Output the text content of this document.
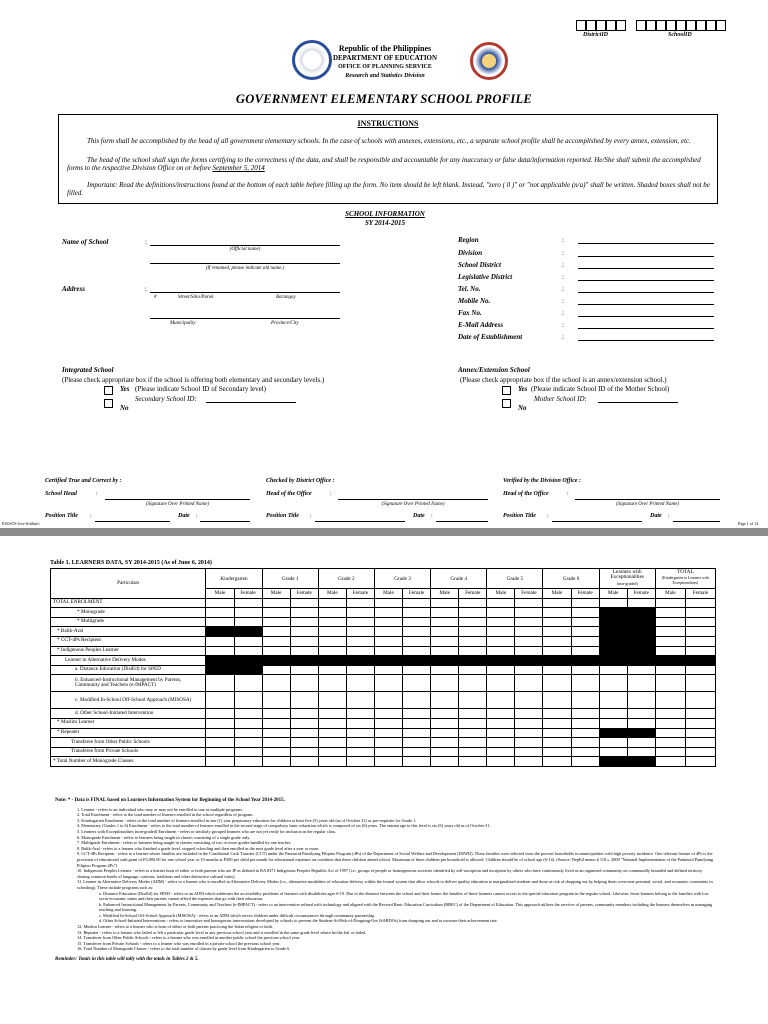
DistrictID	SchoolID
Republic of the Philippines
DEPARTMENT OF EDUCATION
OFFICE OF PLANNING SERVICE
Research and Statistics Division
GOVERNMENT ELEMENTARY SCHOOL PROFILE
INSTRUCTIONS
This form shall be accomplished by the head of all government elementary schools. In the case of schools with annexes, extensions, etc., a separate school profile shall be accomplished by every annex, extension, etc.
The head of the school shall sign the forms certifying to the correctness of the data, and shall be responsible and accountable for any inaccuracy or false data/information reported. He/She shall submit the accomplished forms to the respective Division Office on or before September 5, 2014
Important: Read the definitions/instructions found at the bottom of each table before filling up the form. No item should be left blank. Instead, "zero ( 0 )" or "not applicable (n/a)" shall be written. Shaded boxes shall not be filled.
SCHOOL INFORMATION
SY 2014-2015
Name of School	:
(Official name)
(If renamed, please indicate old name.)
Address	:
#	Street/Sitio/Purok	Barangay
Municipality	Province/City
Region	:
Division	:
School District	:
Legislative District	:
Tel. No.	:
Mobile No.	:
Fax No.	:
E-Mail Address	:
Date of Establishment	:
Integrated School
(Please check appropriate box if the school is offering both elementary and secondary levels.)
Yes (Please indicate School ID of Secondary level)
Secondary School ID:
No
Annex/Extension School
(Please check appropriate box if the school is an annex/extension school.)
Yes (Please indicate School ID of the Mother School)
Mother School ID:
No
Certified True and Correct by :
School Head	:
(Signature Over Printed Name)
Position Title :	Date :
Checked by District Office :
Head of the Office	:
(Signature Over Printed Name)
Position Title :	Date :
Verified by the Division Office :
Head of the Office	:
(Signature Over Printed Name)
Position Title :	Date :
ESGSTS-Gov-Schlinfo	Page 1 of 14
Table 1. LEARNERS DATA, SY 2014-2015 (As of June 6, 2014)
Particulars	Kindergarten		Grade 1		Grade 2		Grade 3		Grade 4		Grade 5		Grade 6		Learners with Exceptionalities
(non-graded)		TOTAL
(Kindergarten to Learners with Exceptionalities)	
	Male	Female	Male	Female	Male	Female	Male	Female	Male	Female	Male	Female	Male	Female	Male	Female	Male	Female
TOTAL ENROLMENT																		
* Monograde																		
* Multigrade																		
* Balik-Aral																		
* CCT-4Ps Recipient																		
* Indigenous Peoples Learner																		
Learner in Alternative Delivery Modes																		
a. Distance Education (DistEd) for SPED																		
b. Enhanced-Instructional Management by Parents, Community and Teachers (e-IMPACT)																		
c. Modified In-School Off-School Approach (MISOSA)																		
d. Other School-Initiated Intervention																		
* Muslim Learner																		
* Repeater																		
Transferee from Other Public Schools																		
Transferee from Private Schools																		
* Total Number of Monograde Classes																		
Note: * - Data is FINAL based on Learners Information System for Beginning of the School Year 2014-2015.
1. Learner - refers to an individual who may or may not be enrolled in one or multiple programs.
2. Total Enrolment - refers to the total number of learners enrolled in the school regardless of program.
3. Kindergarten Enrolment - refers to the total number of learners enrolled in one (1) year preparatory education for children at least five (5) years old (as of October 31) as pre-requisite for Grade 1.
4. Elementary (Grades 1 to 6) Enrolment - refers to the total number of learners enrolled in the second stage of compulsory basic education which is composed of six (6) years. The entrant age to this level is six (6) years old as of October 31.
5. Learners with Exceptionalities (non-graded) Enrolment - refers to similarly grouped learners who are not yet ready for inclusion in the regular class.
6. Monograde Enrolment - refers to learners being taught in classes consisting of a single grade only.
7. Multigrade Enrolment - refers to learners being taught in classes consisting of two or more grades handled by one teacher.
8. Balik-Aral - refers to a learner who finished a grade level, stopped schooling and then enrolled in the next grade level after a year or more.
9. CCT-4Ps Recipient - refers to a learner whose families are included in the Conditional Cash Transfer (CCT) under the Pantawid Pamilyang Pilipino Program (4Ps) of the Department of Social Welfare and Development (DSWD). These families were selected from the poorest households in municipalities with high poverty incidence. One relevant feature of 4Ps is the provision of educational cash grant of P3,000.00 for one school year or 10 months at P300 per child per month for educational expenses on condition that these children attend school. Maximum of three children per household is allowed. Children should be of school age (6-14). (Source: DepEd memo # 110 s. 2009 "National Implementation of the Pantawid Pamilyang Pilipino Program 4Ps")
10. Indigenous Peoples Learner - refers to a learner born of either or both parents who are IP as defined in RA 8371 Indigenous Peoples Republic Act of 1997 (i.e., groups of people or homogeneous societies identified by self-ascription and ascription by others who have continuously lived as an organized community on communally bounded and defined territory sharing common bonds of language, customs, traditions and other distinctive cultural traits).
11. Learner in Alternative Delivery Modes (ADM) - refers to a learner who is enrolled in Alternative Delivery Modes (i.e., alternative modalities of education delivery within the formal system that allow schools to deliver quality education to marginalized students and those at risk of dropping out by helping them overcome personal, social, and economic constraints in schooling). These include programs such as:
a. Distance Education (DistEd) for SPED - refers to an ADM which addresses the accessibility problems of learners with disabilities ages 6-19. Due to the distance between the school and their homes the families of these learners cannot access to the special education program in the regular school. Likewise, those learners belong to the families with low socio-economic status and their parents cannot afford the expenses that go with their education.
b. Enhanced Instructional Management by Parents, Community and Teachers (e-IMPACT) - refers to an intervention refined with technology and aligned with the Revised Basic Education Curriculum (RBEC) of the Department of Education. This approach utilizes the services of parents, community members including the learners themselves in managing teaching and learning.
c. Modified In-School Off-School Approach (MISOSA) - refers to an ADM which serves children under difficult circumstances through community partnership.
d. Other School-Initiated Interventions - refers to innovative and homegrown interventions developed by schools to prevent the Student-At-Risk-of-Dropping-Out (SARDOs) from dropping out and to increase their achievement rate.
12. Muslim Learner - refers to a learner who is born of either or both parents practicing the Islam religion or faith.
13. Repeater - refers to a learner who failed or left a particular grade level in any previous school year and is enrolled in the same grade level where he/she left or failed.
14. Transferee from Other Public Schools - refers to a learner who was enrolled in another public school the previous school year.
15. Transferee from Private Schools - refers to a learner who was enrolled in a private school the previous school year.
16. Total Number of Monograde Classes - refers to the total number of classes by grade level from Kindergarten to Grade 6.
Reminder: Totals in this table will tally with the totals in Tables 2 & 5.
